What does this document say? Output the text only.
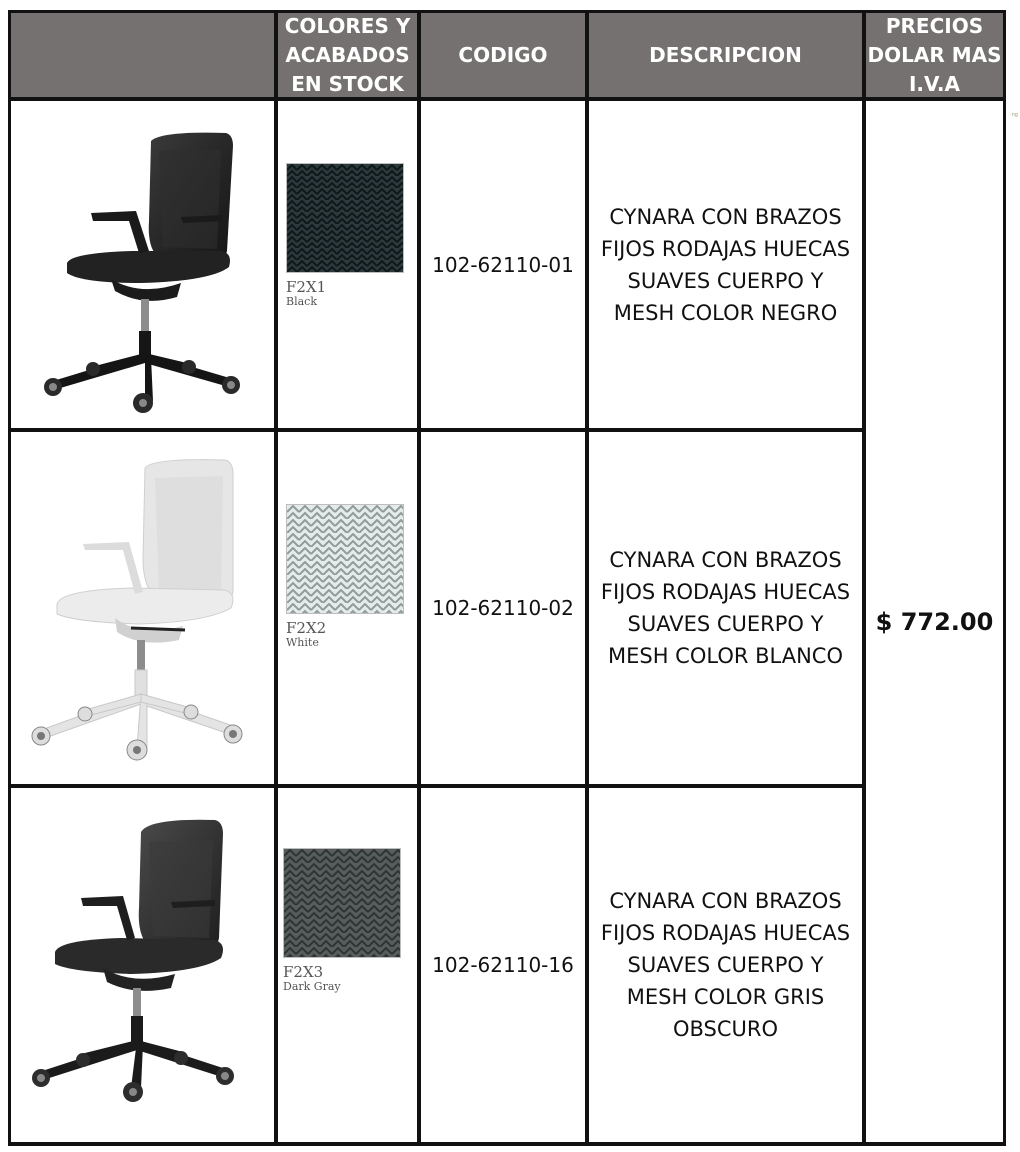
COLORES Y
ACABADOS
EN STOCK
CODIGO	DESCRIPCION
PRECIOS
DOLAR MAS
I.V.A
F2X1
Black
102-62110-01
CYNARA CON BRAZOS FIJOS RODAJAS HUECAS SUAVES CUERPO Y MESH COLOR NEGRO
F2X2
White
102-62110-02
CYNARA CON BRAZOS FIJOS RODAJAS HUECAS SUAVES CUERPO Y MESH COLOR BLANCO
F2X3
Dark Gray
102-62110-16
CYNARA CON BRAZOS FIJOS RODAJAS HUECAS SUAVES CUERPO Y MESH COLOR GRIS OBSCURO
$ 772.00
·ng
